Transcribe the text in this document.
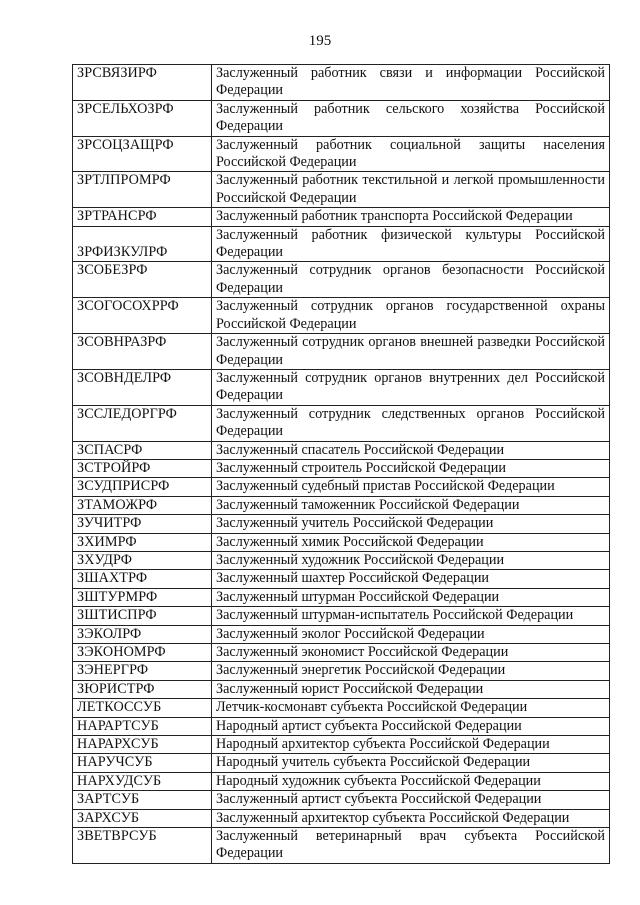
195
ЗРСВЯЗИРФ	Заслуженный работник связи и информации Российской Федерации
ЗРСЕЛЬХОЗРФ	Заслуженный работник сельского хозяйства Российской Федерации
ЗРСОЦЗАЩРФ	Заслуженный работник социальной защиты населения Российской Федерации
ЗРТЛПРОМРФ	Заслуженный работник текстильной и легкой промышленности Российской Федерации
ЗРТРАНСРФ	Заслуженный работник транспорта Российской Федерации
ЗРФИЗКУЛРФ	Заслуженный работник физической культуры Российской Федерации
ЗСОБЕЗРФ	Заслуженный сотрудник органов безопасности Российской Федерации
ЗСОГОСОХРРФ	Заслуженный сотрудник органов государственной охраны Российской Федерации
ЗСОВНРАЗРФ	Заслуженный сотрудник органов внешней разведки Российской Федерации
ЗСОВНДЕЛРФ	Заслуженный сотрудник органов внутренних дел Российской Федерации
ЗССЛЕДОРГРФ	Заслуженный сотрудник следственных органов Российской Федерации
ЗСПАСРФ	Заслуженный спасатель Российской Федерации
ЗСТРОЙРФ	Заслуженный строитель Российской Федерации
ЗСУДПРИСРФ	Заслуженный судебный пристав Российской Федерации
ЗТАМОЖРФ	Заслуженный таможенник Российской Федерации
ЗУЧИТРФ	Заслуженный учитель Российской Федерации
ЗХИМРФ	Заслуженный химик Российской Федерации
ЗХУДРФ	Заслуженный художник Российской Федерации
ЗШАХТРФ	Заслуженный шахтер Российской Федерации
ЗШТУРМРФ	Заслуженный штурман Российской Федерации
ЗШТИСПРФ	Заслуженный штурман-испытатель Российской Федерации
ЗЭКОЛРФ	Заслуженный эколог Российской Федерации
ЗЭКОНОМРФ	Заслуженный экономист Российской Федерации
ЗЭНЕРГРФ	Заслуженный энергетик Российской Федерации
ЗЮРИСТРФ	Заслуженный юрист Российской Федерации
ЛЕТКОССУБ	Летчик-космонавт субъекта Российской Федерации
НАРАРТСУБ	Народный артист субъекта Российской Федерации
НАРАРХСУБ	Народный архитектор субъекта Российской Федерации
НАРУЧСУБ	Народный учитель субъекта Российской Федерации
НАРХУДСУБ	Народный художник субъекта Российской Федерации
ЗАРТСУБ	Заслуженный артист субъекта Российской Федерации
ЗАРХСУБ	Заслуженный архитектор субъекта Российской Федерации
ЗВЕТВРСУБ	Заслуженный ветеринарный врач субъекта Российской Федерации
